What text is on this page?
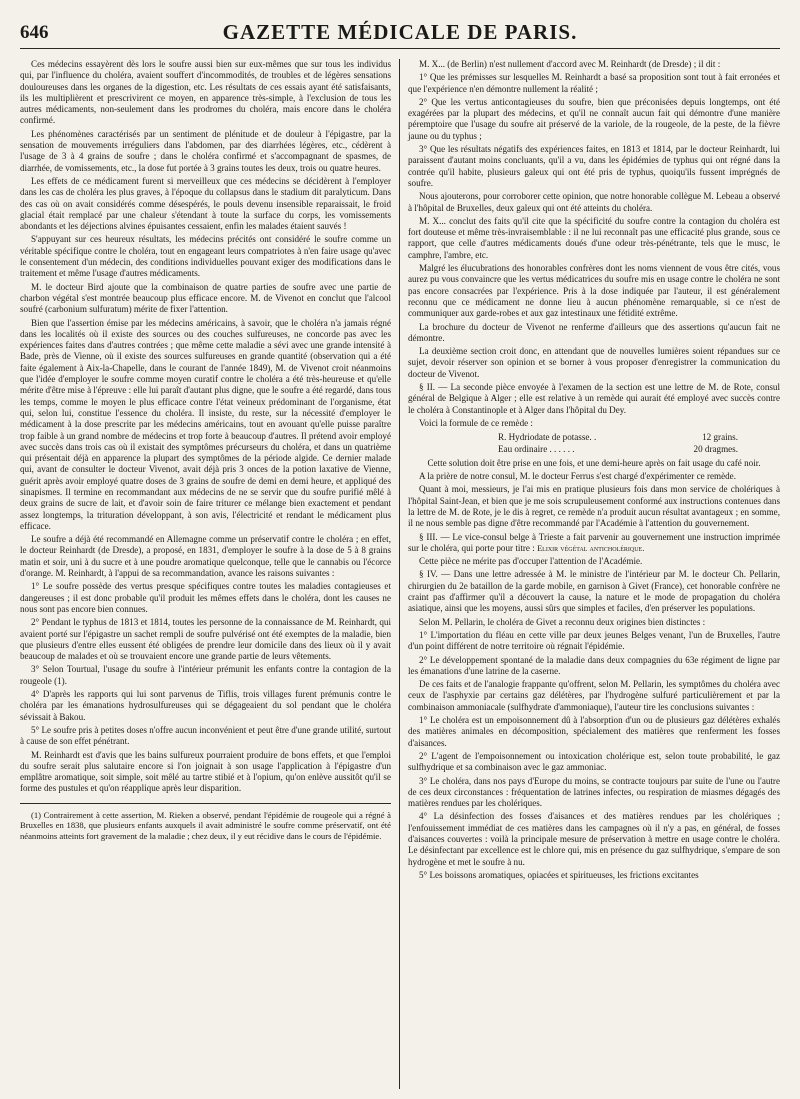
646	GAZETTE MÉDICALE DE PARIS.

Ces médecins essayèrent dès lors le soufre aussi bien sur eux-mêmes que sur tous les individus qui, par l'influence du choléra, avaient souffert d'incommodités, de troubles et de légères sensations douloureuses dans les organes de la digestion, etc. Les résultats de ces essais ayant été satisfaisants, ils les multiplièrent et prescrivirent ce moyen, en apparence très-simple, à l'exclusion de tous les autres médicaments, non-seulement dans les prodromes du choléra, mais encore dans le choléra confirmé.

Les phénomènes caractérisés par un sentiment de plénitude et de douleur à l'épigastre, par la sensation de mouvements irréguliers dans l'abdomen, par des diarrhées légères, etc., cédèrent à l'usage de 3 à 4 grains de soufre ; dans le choléra confirmé et s'accompagnant de spasmes, de diarrhée, de vomissements, etc., la dose fut portée à 3 grains toutes les deux, trois ou quatre heures.

Les effets de ce médicament furent si merveilleux que ces médecins se décidèrent à l'employer dans les cas de choléra les plus graves, à l'époque du collapsus dans le stadium dit paralyticum. Dans des cas où on avait considérés comme désespérés, le pouls devenu insensible reparaissait, le froid glacial était remplacé par une chaleur s'étendant à toute la surface du corps, les vomissements abondants et les déjections alvines épuisantes cessaient, enfin les malades étaient sauvés !

S'appuyant sur ces heureux résultats, les médecins précités ont considéré le soufre comme un véritable spécifique contre le choléra, tout en engageant leurs compatriotes à n'en faire usage qu'avec le consentement d'un médecin, des conditions individuelles pouvant exiger des modifications dans le traitement et même l'usage d'autres médicaments.

M. le docteur Bird ajoute que la combinaison de quatre parties de soufre avec une partie de charbon végétal s'est montrée beaucoup plus efficace encore. M. de Vivenot en conclut que l'alcool soufré (carbonium sulfuratum) mérite de fixer l'attention.

Bien que l'assertion émise par les médecins américains, à savoir, que le choléra n'a jamais régné dans les localités où il existe des sources ou des couches sulfureuses, ne concorde pas avec les expériences faites dans d'autres contrées ; que même cette maladie a sévi avec une grande intensité à Bade, près de Vienne, où il existe des sources sulfureuses en grande quantité (observation qui a été faite également à Aix-la-Chapelle, dans le courant de l'année 1849), M. de Vivenot croit néanmoins que l'idée d'employer le soufre comme moyen curatif contre le choléra a été très-heureuse et qu'elle mérite d'être mise à l'épreuve : elle lui paraît d'autant plus digne, que le soufre a été regardé, dans tous les temps, comme le moyen le plus efficace contre l'état veineux prédominant de l'organisme, état qui, selon lui, constitue l'essence du choléra. Il insiste, du reste, sur la nécessité d'employer le médicament à la dose prescrite par les médecins américains, tout en avouant qu'elle puisse paraître trop faible à un grand nombre de médecins et trop forte à beaucoup d'autres. Il prétend avoir employé avec succès dans trois cas où il existait des symptômes précurseurs du choléra, et dans un quatrième qui présentait déjà en apparence la plupart des symptômes de la période algide. Ce dernier malade qui, avant de consulter le docteur Vivenot, avait déjà pris 3 onces de la potion laxative de Vienne, guérit après avoir employé quatre doses de 3 grains de soufre de demi en demi heure, et appliqué des sinapismes. Il termine en recommandant aux médecins de ne se servir que du soufre purifié mêlé à deux grains de sucre de lait, et d'avoir soin de faire triturer ce mélange bien exactement et pendant assez longtemps, la trituration développant, à son avis, l'électricité et rendant le médicament plus efficace.

Le soufre a déjà été recommandé en Allemagne comme un préservatif contre le choléra ; en effet, le docteur Reinhardt (de Dresde), a proposé, en 1831, d'employer le soufre à la dose de 5 à 8 grains matin et soir, uni à du sucre et à une poudre aromatique quelconque, telle que le cannabis ou l'écorce d'orange. M. Reinhardt, à l'appui de sa recommandation, avance les raisons suivantes :

1° Le soufre possède des vertus presque spécifiques contre toutes les maladies contagieuses et dangereuses ; il est donc probable qu'il produit les mêmes effets dans le choléra, dont les causes ne nous sont pas encore bien connues.

2° Pendant le typhus de 1813 et 1814, toutes les personne de la connaissance de M. Reinhardt, qui avaient porté sur l'épigastre un sachet rempli de soufre pulvérisé ont été exemptes de la maladie, bien que plusieurs d'entre elles eussent été obligées de prendre leur domicile dans des lieux où il y avait beaucoup de malades et où se trouvaient encore une grande partie de leurs vêtements.

3° Selon Tourtual, l'usage du soufre à l'intérieur prémunit les enfants contre la contagion de la rougeole (1).

4° D'après les rapports qui lui sont parvenus de Tiflis, trois villages furent prémunis contre le choléra par les émanations hydrosulfureuses qui se dégageaient du sol pendant que le choléra sévissait à Bakou.

5° Le soufre pris à petites doses n'offre aucun inconvénient et peut être d'une grande utilité, surtout à cause de son effet pénétrant.

M. Reinhardt est d'avis que les bains sulfureux pourraient produire de bons effets, et que l'emploi du soufre serait plus salutaire encore si l'on joignait à son usage l'application à l'épigastre d'un emplâtre aromatique, soit simple, soit mêlé au tartre stibié et à l'opium, qu'on enlève aussitôt qu'il se forme des pustules et qu'on réapplique après leur disparition.

(1) Contrairement à cette assertion, M. Rieken a observé, pendant l'épidémie de rougeole qui a régné à Bruxelles en 1838, que plusieurs enfants auxquels il avait administré le soufre comme préservatif, ont été néanmoins atteints fort gravement de la maladie ; chez deux, il y eut récidive dans le cours de l'épidémie.

M. X... (de Berlin) n'est nullement d'accord avec M. Reinhardt (de Dresde) ; il dit :

1° Que les prémisses sur lesquelles M. Reinhardt a basé sa proposition sont tout à fait erronées et que l'expérience n'en démontre nullement la réalité ;

2° Que les vertus anticontagieuses du soufre, bien que préconisées depuis longtemps, ont été exagérées par la plupart des médecins, et qu'il ne connaît aucun fait qui démontre d'une manière péremptoire que l'usage du soufre ait préservé de la variole, de la rougeole, de la peste, de la fièvre jaune ou du typhus ;

3° Que les résultats négatifs des expériences faites, en 1813 et 1814, par le docteur Reinhardt, lui paraissent d'autant moins concluants, qu'il a vu, dans les épidémies de typhus qui ont régné dans la contrée qu'il habite, plusieurs galeux qui ont été pris de typhus, quoiqu'ils fussent imprégnés de soufre.

Nous ajouterons, pour corroborer cette opinion, que notre honorable collègue M. Lebeau a observé à l'hôpital de Bruxelles, deux galeux qui ont été atteints du choléra.

M. X... conclut des faits qu'il cite que la spécificité du soufre contre la contagion du choléra est fort douteuse et même très-invraisemblable : il ne lui reconnaît pas une efficacité plus grande, sous ce rapport, que celle d'autres médicaments doués d'une odeur très-pénétrante, tels que le musc, le camphre, l'ambre, etc.

Malgré les élucubrations des honorables confrères dont les noms viennent de vous être cités, vous aurez pu vous convaincre que les vertus médicatrices du soufre mis en usage contre le choléra ne sont pas encore consacrées par l'expérience. Pris à la dose indiquée par l'auteur, il est généralement reconnu que ce médicament ne donne lieu à aucun phénomène remarquable, si ce n'est de communiquer aux garde-robes et aux gaz intestinaux une fétidité extrême.

La brochure du docteur de Vivenot ne renferme d'ailleurs que des assertions qu'aucun fait ne démontre.

La deuxième section croit donc, en attendant que de nouvelles lumières soient répandues sur ce sujet, devoir réserver son opinion et se borner à vous proposer d'enregistrer la communication du docteur de Vivenot.

§ II. — La seconde pièce envoyée à l'examen de la section est une lettre de M. de Rote, consul général de Belgique à Alger ; elle est relative à un remède qui aurait été employé avec succès contre le choléra à Constantinople et à Alger dans l'hôpital du Dey.

Voici la formule de ce remède :

R. Hydriodate de potasse. .	12 grains.
Eau ordinaire . . . . . .	20 dragmes.

Cette solution doit être prise en une fois, et une demi-heure après on fait usage du café noir.

A la prière de notre consul, M. le docteur Ferrus s'est chargé d'expérimenter ce remède.

Quant à moi, messieurs, je l'ai mis en pratique plusieurs fois dans mon service de cholériques à l'hôpital Saint-Jean, et bien que je me sois scrupuleusement conformé aux instructions contenues dans la lettre de M. de Rote, je le dis à regret, ce remède n'a produit aucun résultat avantageux ; en somme, il ne nous semble pas digne d'être recommandé par l'Académie à l'attention du gouvernement.

§ III. — Le vice-consul belge à Trieste a fait parvenir au gouvernement une instruction imprimée sur le choléra, qui porte pour titre : Elixir végétal anticholérique.

Cette pièce ne mérite pas d'occuper l'attention de l'Académie.

§ IV. — Dans une lettre adressée à M. le ministre de l'intérieur par M. le docteur Ch. Pellarin, chirurgien du 2e bataillon de la garde mobile, en garnison à Givet (France), cet honorable confrère ne craint pas d'affirmer qu'il a découvert la cause, la nature et le mode de propagation du choléra asiatique, ainsi que les moyens, aussi sûrs que simples et faciles, d'en préserver les populations.

Selon M. Pellarin, le choléra de Givet a reconnu deux origines bien distinctes :

1° L'importation du fléau en cette ville par deux jeunes Belges venant, l'un de Bruxelles, l'autre d'un point différent de notre territoire où régnait l'épidémie.

2° Le développement spontané de la maladie dans deux compagnies du 63e régiment de ligne par les émanations d'une latrine de la caserne.

De ces faits et de l'analogie frappante qu'offrent, selon M. Pellarin, les symptômes du choléra avec ceux de l'asphyxie par certains gaz délétères, par l'hydrogène sulfuré particulièrement et par la combinaison ammoniacale (sulfhydrate d'ammoniaque), l'auteur tire les conclusions suivantes :

1° Le choléra est un empoisonnement dû à l'absorption d'un ou de plusieurs gaz délétères exhalés des matières animales en décomposition, spécialement des matières que renferment les fosses d'aisances.

2° L'agent de l'empoisonnement ou intoxication cholérique est, selon toute probabilité, le gaz sulfhydrique et sa combinaison avec le gaz ammoniac.

3° Le choléra, dans nos pays d'Europe du moins, se contracte toujours par suite de l'une ou l'autre de ces deux circonstances : fréquentation de latrines infectes, ou respiration de miasmes dégagés des matières rendues par les cholériques.

4° La désinfection des fosses d'aisances et des matières rendues par les cholériques ; l'enfouissement immédiat de ces matières dans les campagnes où il n'y a pas, en général, de fosses d'aisances couvertes : voilà la principale mesure de préservation à mettre en usage contre le choléra. Le désinfectant par excellence est le chlore qui, mis en présence du gaz sulfhydrique, s'empare de son hydrogène et met le soufre à nu.

5° Les boissons aromatiques, opiacées et spiritueuses, les frictions excitantes
